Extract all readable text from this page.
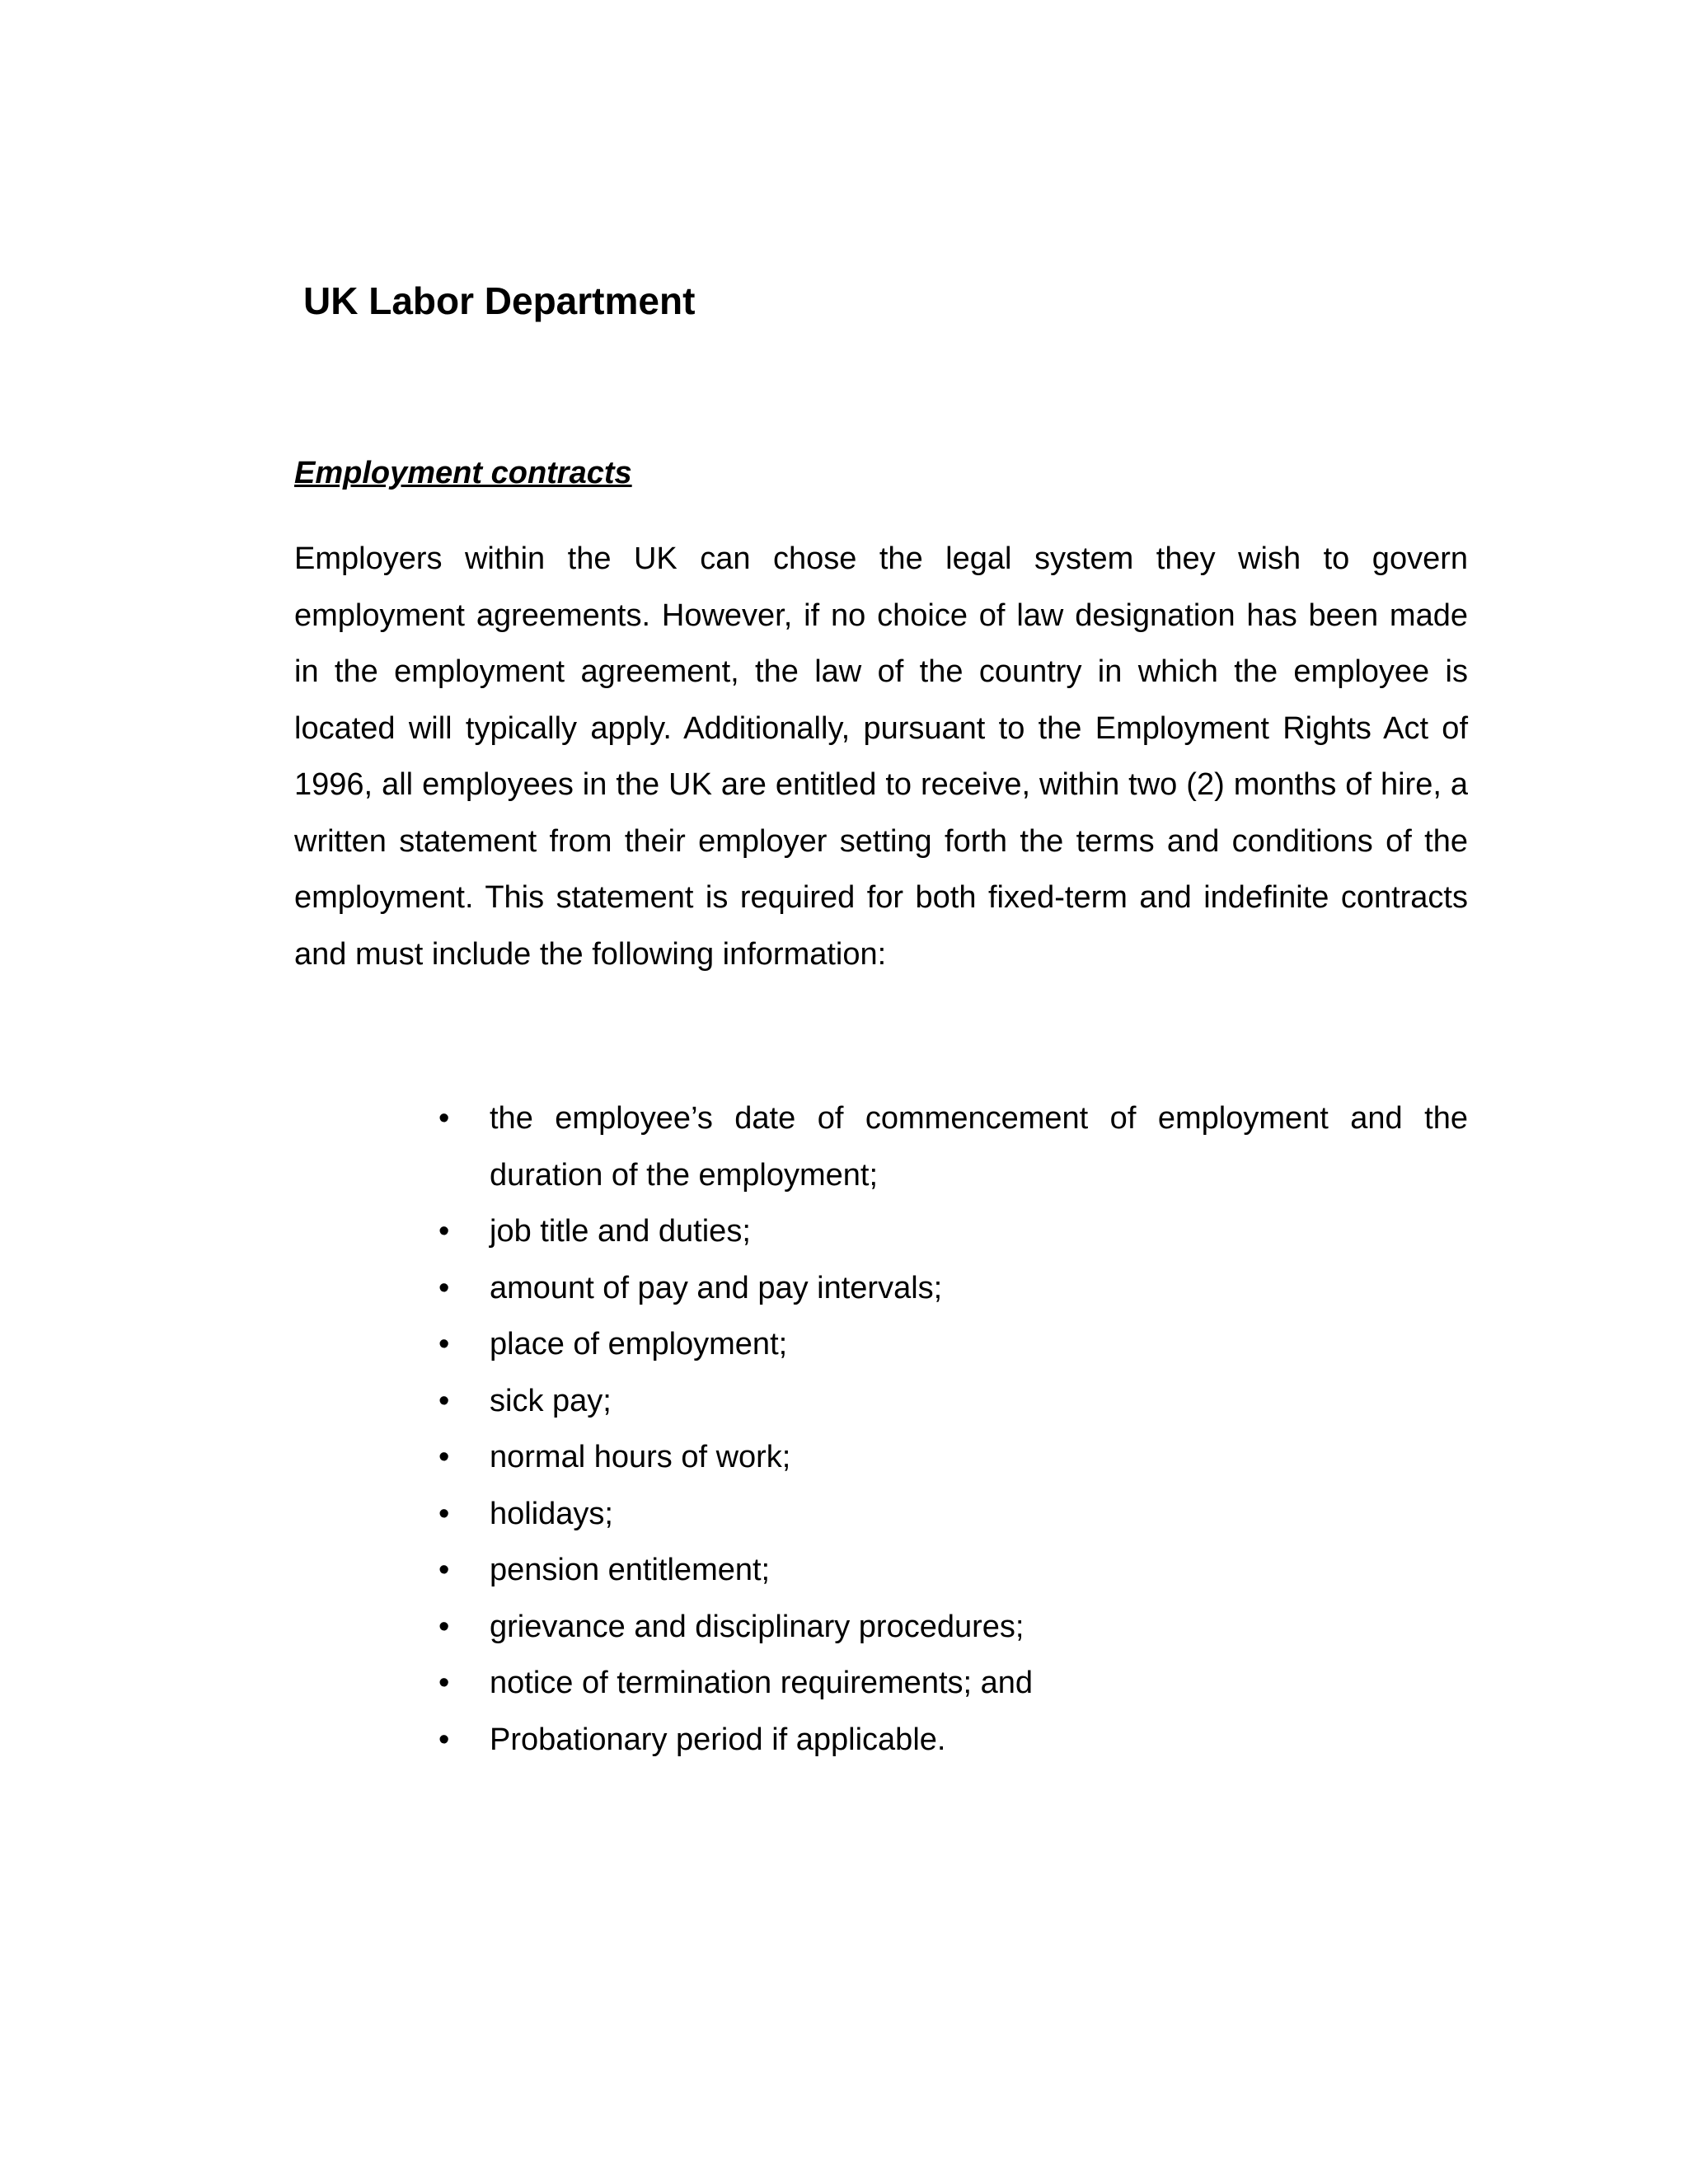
UK Labor Department
Employment contracts

Employers within the UK can chose the legal system they wish to govern employment agreements. However, if no choice of law designation has been made in the employment agreement, the law of the country in which the employee is located will typically apply. Additionally, pursuant to the Employment Rights Act of 1996, all employees in the UK are entitled to receive, within two (2) months of hire, a written statement from their employer setting forth the terms and conditions of the employment. This statement is required for both fixed-term and indefinite contracts and must include the following information:

•	the employee’s date of commencement of employment and the duration of the employment;
•	job title and duties;
•	amount of pay and pay intervals;
•	place of employment;
•	sick pay;
•	normal hours of work;
•	holidays;
•	pension entitlement;
•	grievance and disciplinary procedures;
•	notice of termination requirements; and
•	Probationary period if applicable.
